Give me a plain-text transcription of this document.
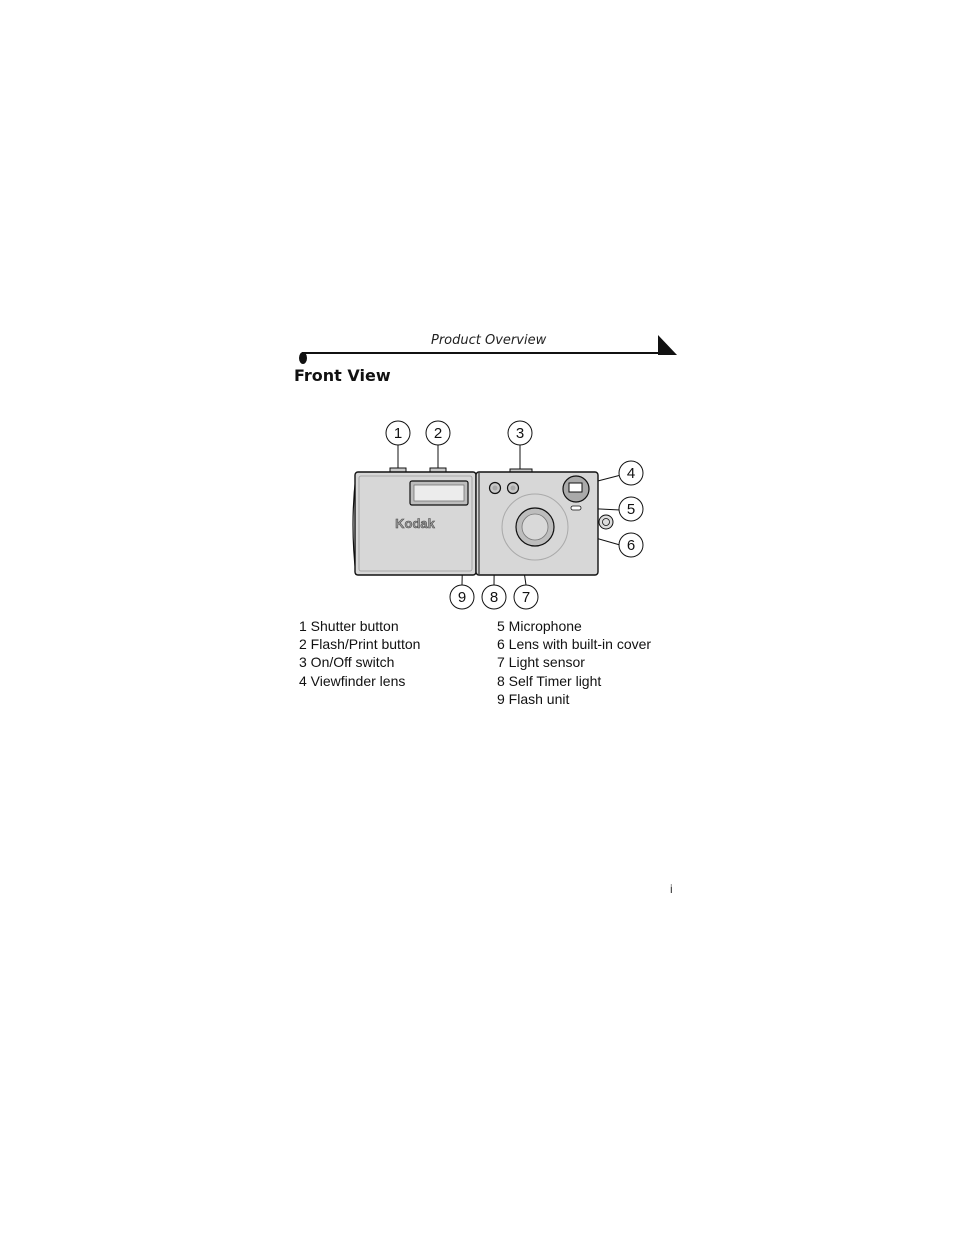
Product Overview
Front View
Kodak
1 2	3
4
5
6
7
8
9
1 Shutter button
2 Flash/Print button
3 On/Off switch
4 Viewfinder lens
5 Microphone
6 Lens with built-in cover
7 Light sensor
8 Self Timer light
9 Flash unit
i
